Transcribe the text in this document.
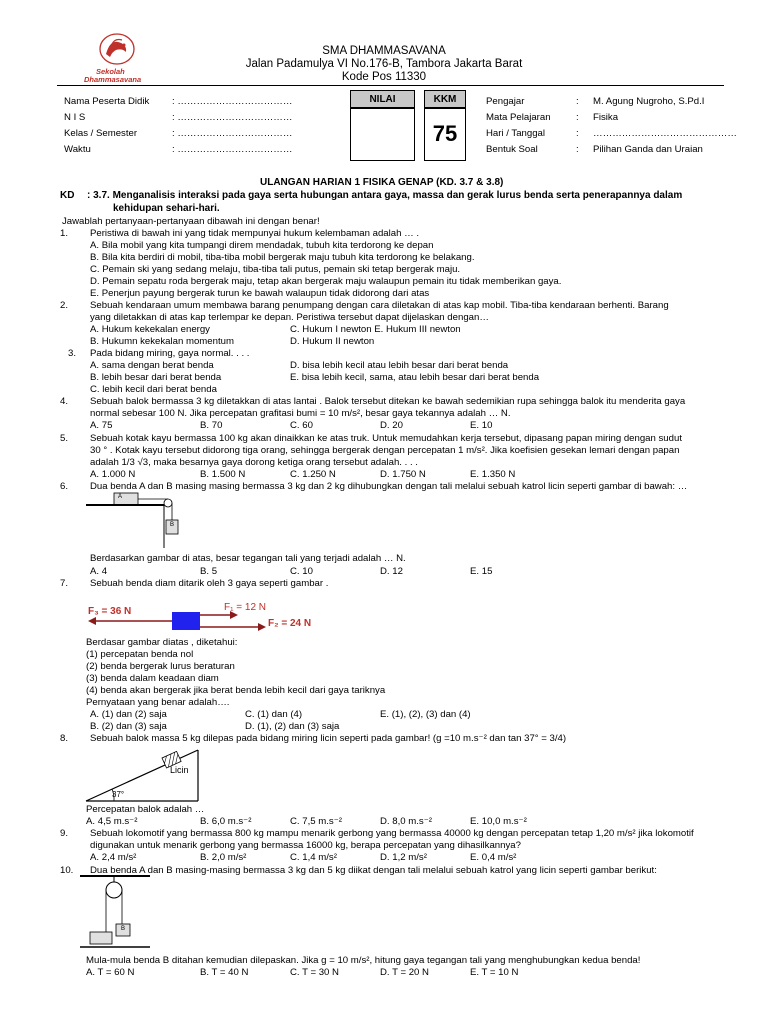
Sekolah
Dhammasavana
SMA DHAMMASAVANA
Jalan Padamulya VI No.176-B, Tambora Jakarta Barat
Kode Pos 11330
Nama Peserta Didik : ………………………………
N I S	: ………………………………
Kelas / Semester	: ………………………………
Waktu	: ………………………………
NILAI	KKM
75
Pengajar	: M. Agung Nugroho, S.Pd.I
Mata Pelajaran	: Fisika
Hari / Tanggal	: ………………………………………
Bentuk Soal	: Pilihan Ganda dan Uraian
ULANGAN HARIAN 1 FISIKA GENAP (KD. 3.7 & 3.8)
KD : 3.7. Menganalisis interaksi pada gaya serta hubungan antara gaya, massa dan gerak lurus benda serta penerapannya dalam
kehidupan sehari-hari.
Jawablah pertanyaan-pertanyaan dibawah ini dengan benar!
1. Peristiwa di bawah ini yang tidak mempunyai hukum kelembaman adalah … .
A. Bila mobil yang kita tumpangi direm mendadak, tubuh kita terdorong ke depan
B. Bila kita berdiri di mobil, tiba-tiba mobil bergerak maju tubuh kita terdorong ke belakang.
C. Pemain ski yang sedang melaju, tiba-tiba tali putus, pemain ski tetap bergerak maju.
D. Pemain sepatu roda bergerak maju, tetap akan bergerak maju walaupun pemain itu tidak memberikan gaya.
E. Penerjun payung bergerak turun ke bawah walaupun tidak didorong dari atas
2. Sebuah kendaraan umum membawa barang penumpang dengan cara diletakan di atas kap mobil. Tiba-tiba kendaraan berhenti. Barang
yang diletakkan di atas kap terlempar ke depan. Peristiwa tersebut dapat dijelaskan dengan…
A. Hukum kekekalan energy	C. Hukum I newton E. Hukum III newton
B. Hukumn kekekalan momentum	D. Hukum II newton
3. Pada bidang miring, gaya normal. . . .
A. sama dengan berat benda	D. bisa lebih kecil atau lebih besar dari berat benda
B. lebih besar dari berat benda	E. bisa lebih kecil, sama, atau lebih besar dari berat benda
C. lebih kecil dari berat benda
4. Sebuah balok bermassa 3 kg diletakkan di atas lantai . Balok tersebut ditekan ke bawah sedemikian rupa sehingga balok itu menderita gaya
normal sebesar 100 N. Jika percepatan grafitasi bumi = 10 m/s², besar gaya tekannya adalah … N.
A. 75	B. 70	C. 60	D. 20	E. 10
5. Sebuah kotak kayu bermassa 100 kg akan dinaikkan ke atas truk. Untuk memudahkan kerja tersebut, dipasang papan miring dengan sudut
30 ° . Kotak kayu tersebut didorong tiga orang, sehingga bergerak dengan percepatan 1 m/s². Jika koefisien gesekan lemari dengan papan
adalah 1/3 √3, maka besarnya gaya dorong ketiga orang tersebut adalah. . . .
A. 1.000 N	B. 1.500 N	C. 1.250 N	D. 1.750 N	E. 1.350 N
6. Dua benda A dan B masing masing bermassa 3 kg dan 2 kg dihubungkan dengan tali melalui sebuah katrol licin seperti gambar di bawah: …
A
B
Berdasarkan gambar di atas, besar tegangan tali yang terjadi adalah … N.
A. 4	B. 5	C. 10	D. 12	E. 15
7. Sebuah benda diam ditarik oleh 3 gaya seperti gambar .
F₃ = 36 N	F₁ = 12 N
F₂ = 24 N
Berdasar gambar diatas , diketahui:
(1) percepatan benda nol
(2) benda bergerak lurus beraturan
(3) benda dalam keadaan diam
(4) benda akan bergerak jika berat benda lebih kecil dari gaya tariknya
Pernyataan yang benar adalah….
A. (1) dan (2) saja	C. (1) dan (4)	E. (1), (2), (3) dan (4)
B. (2) dan (3) saja	D. (1), (2) dan (3) saja
8. Sebuah balok massa 5 kg dilepas pada bidang miring licin seperti pada gambar! (g =10 m.s⁻² dan tan 37° = 3/4)
Licin
37°
Percepatan balok adalah …
A. 4,5 m.s⁻²	B. 6,0 m.s⁻²	C. 7,5 m.s⁻²	D. 8,0 m.s⁻²	E. 10,0 m.s⁻²
9. Sebuah lokomotif yang bermassa 800 kg mampu menarik gerbong yang bermassa 40000 kg dengan percepatan tetap 1,20 m/s² jika lokomotif
digunakan untuk menarik gerbong yang bermassa 16000 kg, berapa percepatan yang dihasilkannya?
A. 2,4 m/s²	B. 2,0 m/s²	C. 1,4 m/s²	D. 1,2 m/s²	E. 0,4 m/s²
10. Dua benda A dan B masing-masing bermassa 3 kg dan 5 kg diikat dengan tali melalui sebuah katrol yang licin seperti gambar berikut:
B
Mula-mula benda B ditahan kemudian dilepaskan. Jika g = 10 m/s², hitung gaya tegangan tali yang menghubungkan kedua benda!
A. T = 60 N	B. T = 40 N	C. T = 30 N	D. T = 20 N	E. T = 10 N
